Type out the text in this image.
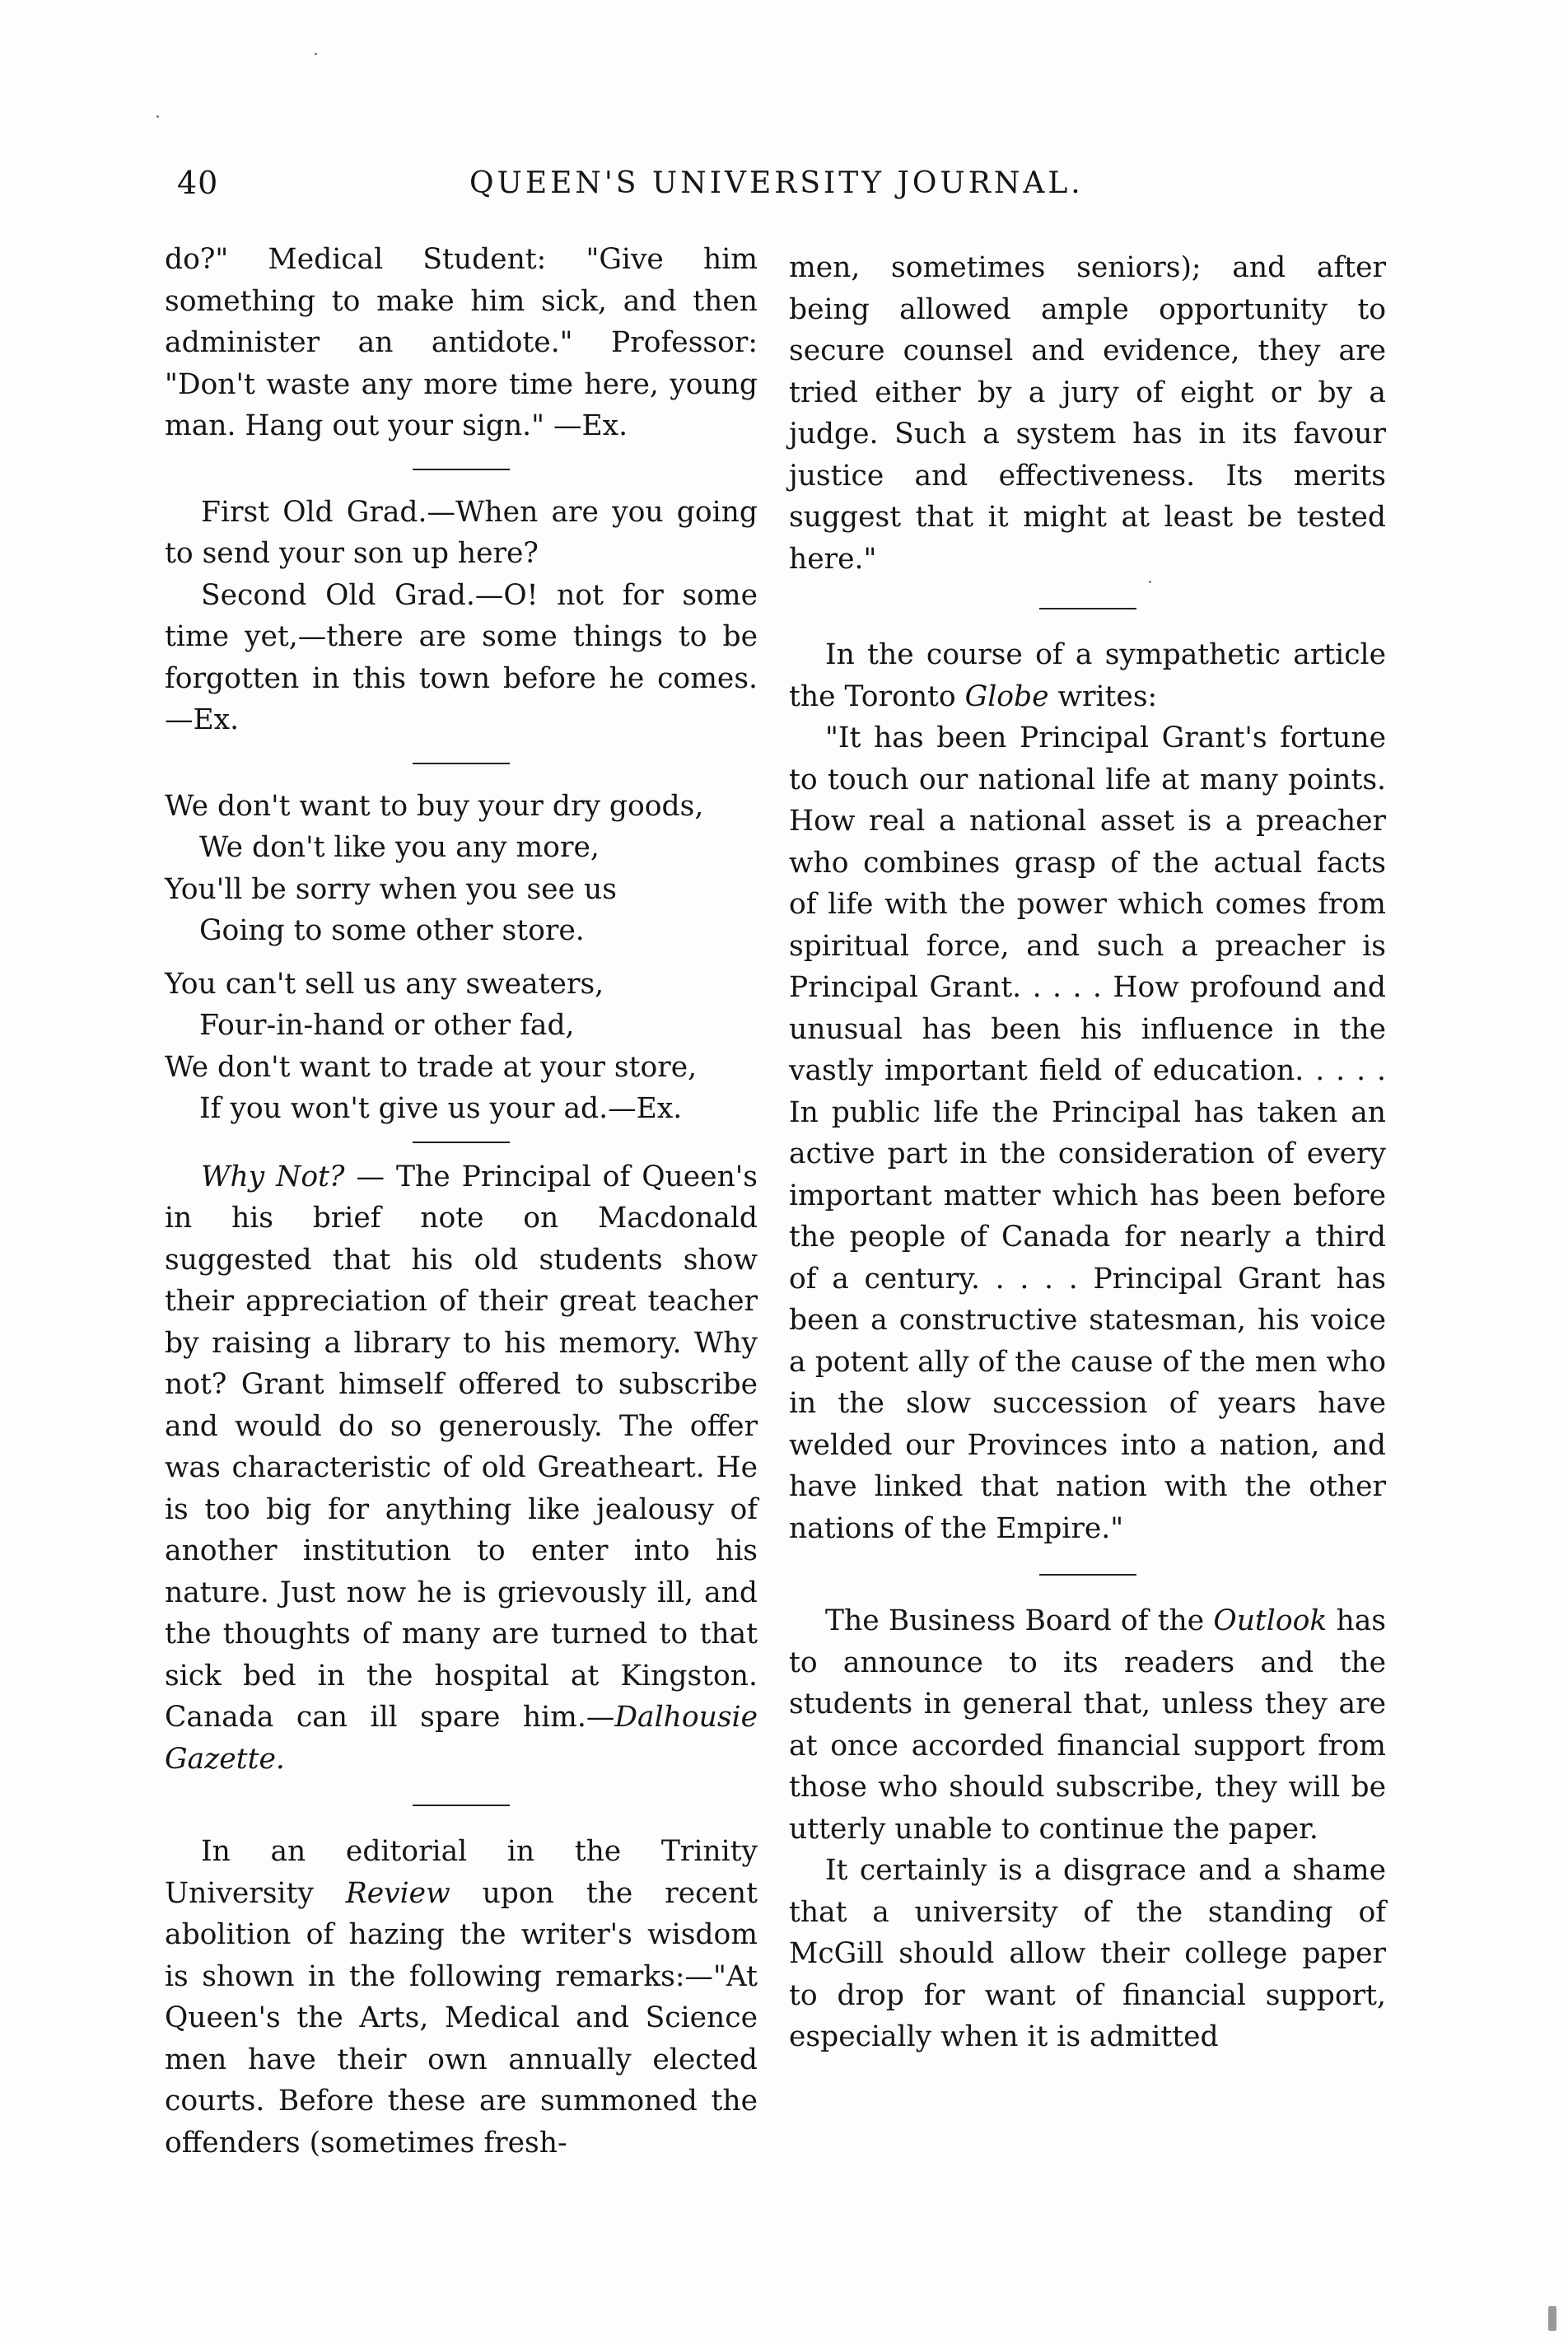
40	QUEEN'S UNIVERSITY JOURNAL.

do?" Medical Student: "Give him something to make him sick, and then administer an antidote." Professor: "Don't waste any more time here, young man. Hang out your sign." —Ex.

First Old Grad.—When are you going to send your son up here?

Second Old Grad.—O! not for some time yet,—there are some things to be forgotten in this town before he comes.—Ex.

We don't want to buy your dry goods,
We don't like you any more,
You'll be sorry when you see us
Going to some other store.
You can't sell us any sweaters,
Four-in-hand or other fad,
We don't want to trade at your store,
If you won't give us your ad.—Ex.

Why Not? — The Principal of Queen's in his brief note on Macdonald suggested that his old students show their appreciation of their great teacher by raising a library to his memory. Why not? Grant himself offered to subscribe and would do so generously. The offer was characteristic of old Greatheart. He is too big for anything like jealousy of another institution to enter into his nature. Just now he is grievously ill, and the thoughts of many are turned to that sick bed in the hospital at Kingston. Canada can ill spare him.—Dalhousie Gazette.

In an editorial in the Trinity University Review upon the recent abolition of hazing the writer's wisdom is shown in the following remarks:—"At Queen's the Arts, Medical and Science men have their own annually elected courts. Before these are summoned the offenders (sometimes fresh-

men, sometimes seniors); and after being allowed ample opportunity to secure counsel and evidence, they are tried either by a jury of eight or by a judge. Such a system has in its favour justice and effectiveness. Its merits suggest that it might at least be tested here."

In the course of a sympathetic article the Toronto Globe writes:

"It has been Principal Grant's fortune to touch our national life at many points. How real a national asset is a preacher who combines grasp of the actual facts of life with the power which comes from spiritual force, and such a preacher is Principal Grant. . . . . How profound and unusual has been his influence in the vastly important field of education. . . . . In public life the Principal has taken an active part in the consideration of every important matter which has been before the people of Canada for nearly a third of a century. . . . . Principal Grant has been a constructive statesman, his voice a potent ally of the cause of the men who in the slow succession of years have welded our Provinces into a nation, and have linked that nation with the other nations of the Empire."

The Business Board of the Outlook has to announce to its readers and the students in general that, unless they are at once accorded financial support from those who should subscribe, they will be utterly unable to continue the paper.

It certainly is a disgrace and a shame that a university of the standing of McGill should allow their college paper to drop for want of financial support, especially when it is admitted
